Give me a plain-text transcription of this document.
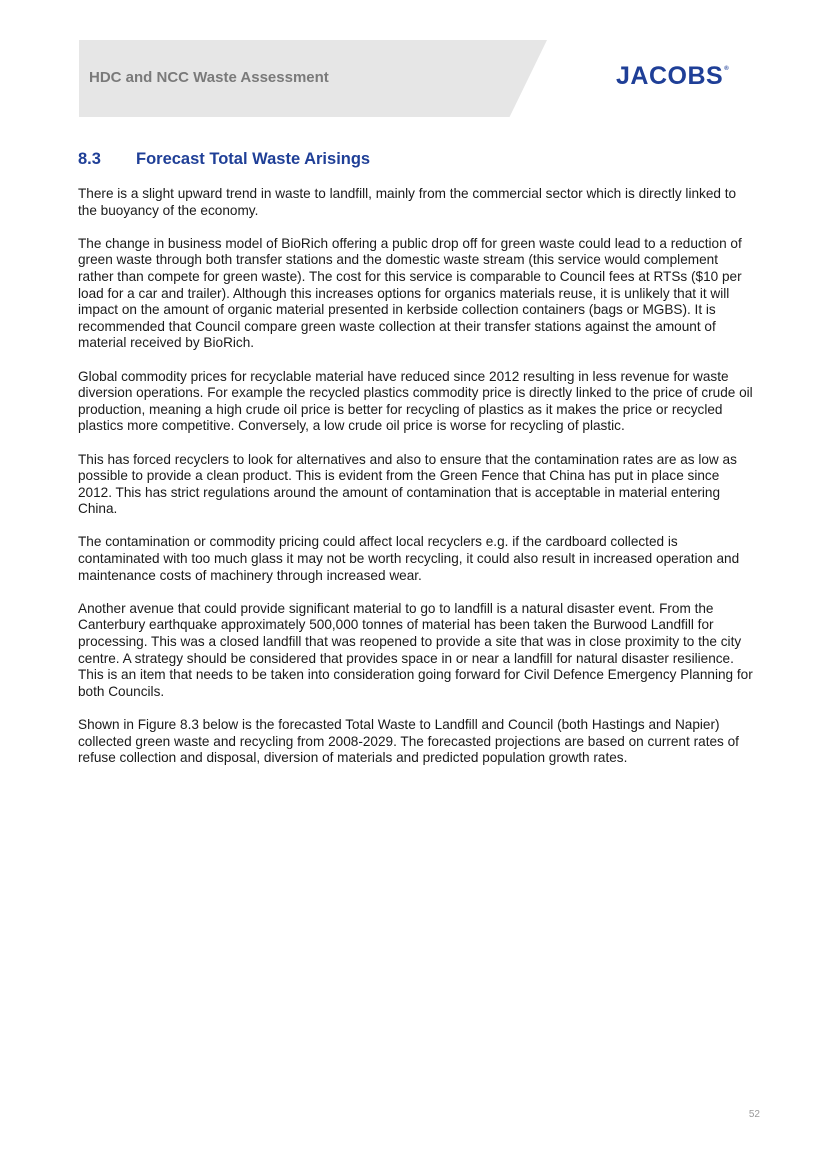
HDC and NCC Waste Assessment	JACOBS®
8.3 Forecast Total Waste Arisings

There is a slight upward trend in waste to landfill, mainly from the commercial sector which is directly linked to the buoyancy of the economy.

The change in business model of BioRich offering a public drop off for green waste could lead to a reduction of green waste through both transfer stations and the domestic waste stream (this service would complement rather than compete for green waste). The cost for this service is comparable to Council fees at RTSs ($10 per load for a car and trailer). Although this increases options for organics materials reuse, it is unlikely that it will impact on the amount of organic material presented in kerbside collection containers (bags or MGBS). It is recommended that Council compare green waste collection at their transfer stations against the amount of material received by BioRich.

Global commodity prices for recyclable material have reduced since 2012 resulting in less revenue for waste diversion operations. For example the recycled plastics commodity price is directly linked to the price of crude oil production, meaning a high crude oil price is better for recycling of plastics as it makes the price or recycled plastics more competitive. Conversely, a low crude oil price is worse for recycling of plastic.

This has forced recyclers to look for alternatives and also to ensure that the contamination rates are as low as possible to provide a clean product. This is evident from the Green Fence that China has put in place since 2012. This has strict regulations around the amount of contamination that is acceptable in material entering China.

The contamination or commodity pricing could affect local recyclers e.g. if the cardboard collected is contaminated with too much glass it may not be worth recycling, it could also result in increased operation and maintenance costs of machinery through increased wear.

Another avenue that could provide significant material to go to landfill is a natural disaster event. From the Canterbury earthquake approximately 500,000 tonnes of material has been taken the Burwood Landfill for processing. This was a closed landfill that was reopened to provide a site that was in close proximity to the city centre. A strategy should be considered that provides space in or near a landfill for natural disaster resilience. This is an item that needs to be taken into consideration going forward for Civil Defence Emergency Planning for both Councils.

Shown in Figure 8.3 below is the forecasted Total Waste to Landfill and Council (both Hastings and Napier) collected green waste and recycling from 2008-2029. The forecasted projections are based on current rates of refuse collection and disposal, diversion of materials and predicted population growth rates.

52
